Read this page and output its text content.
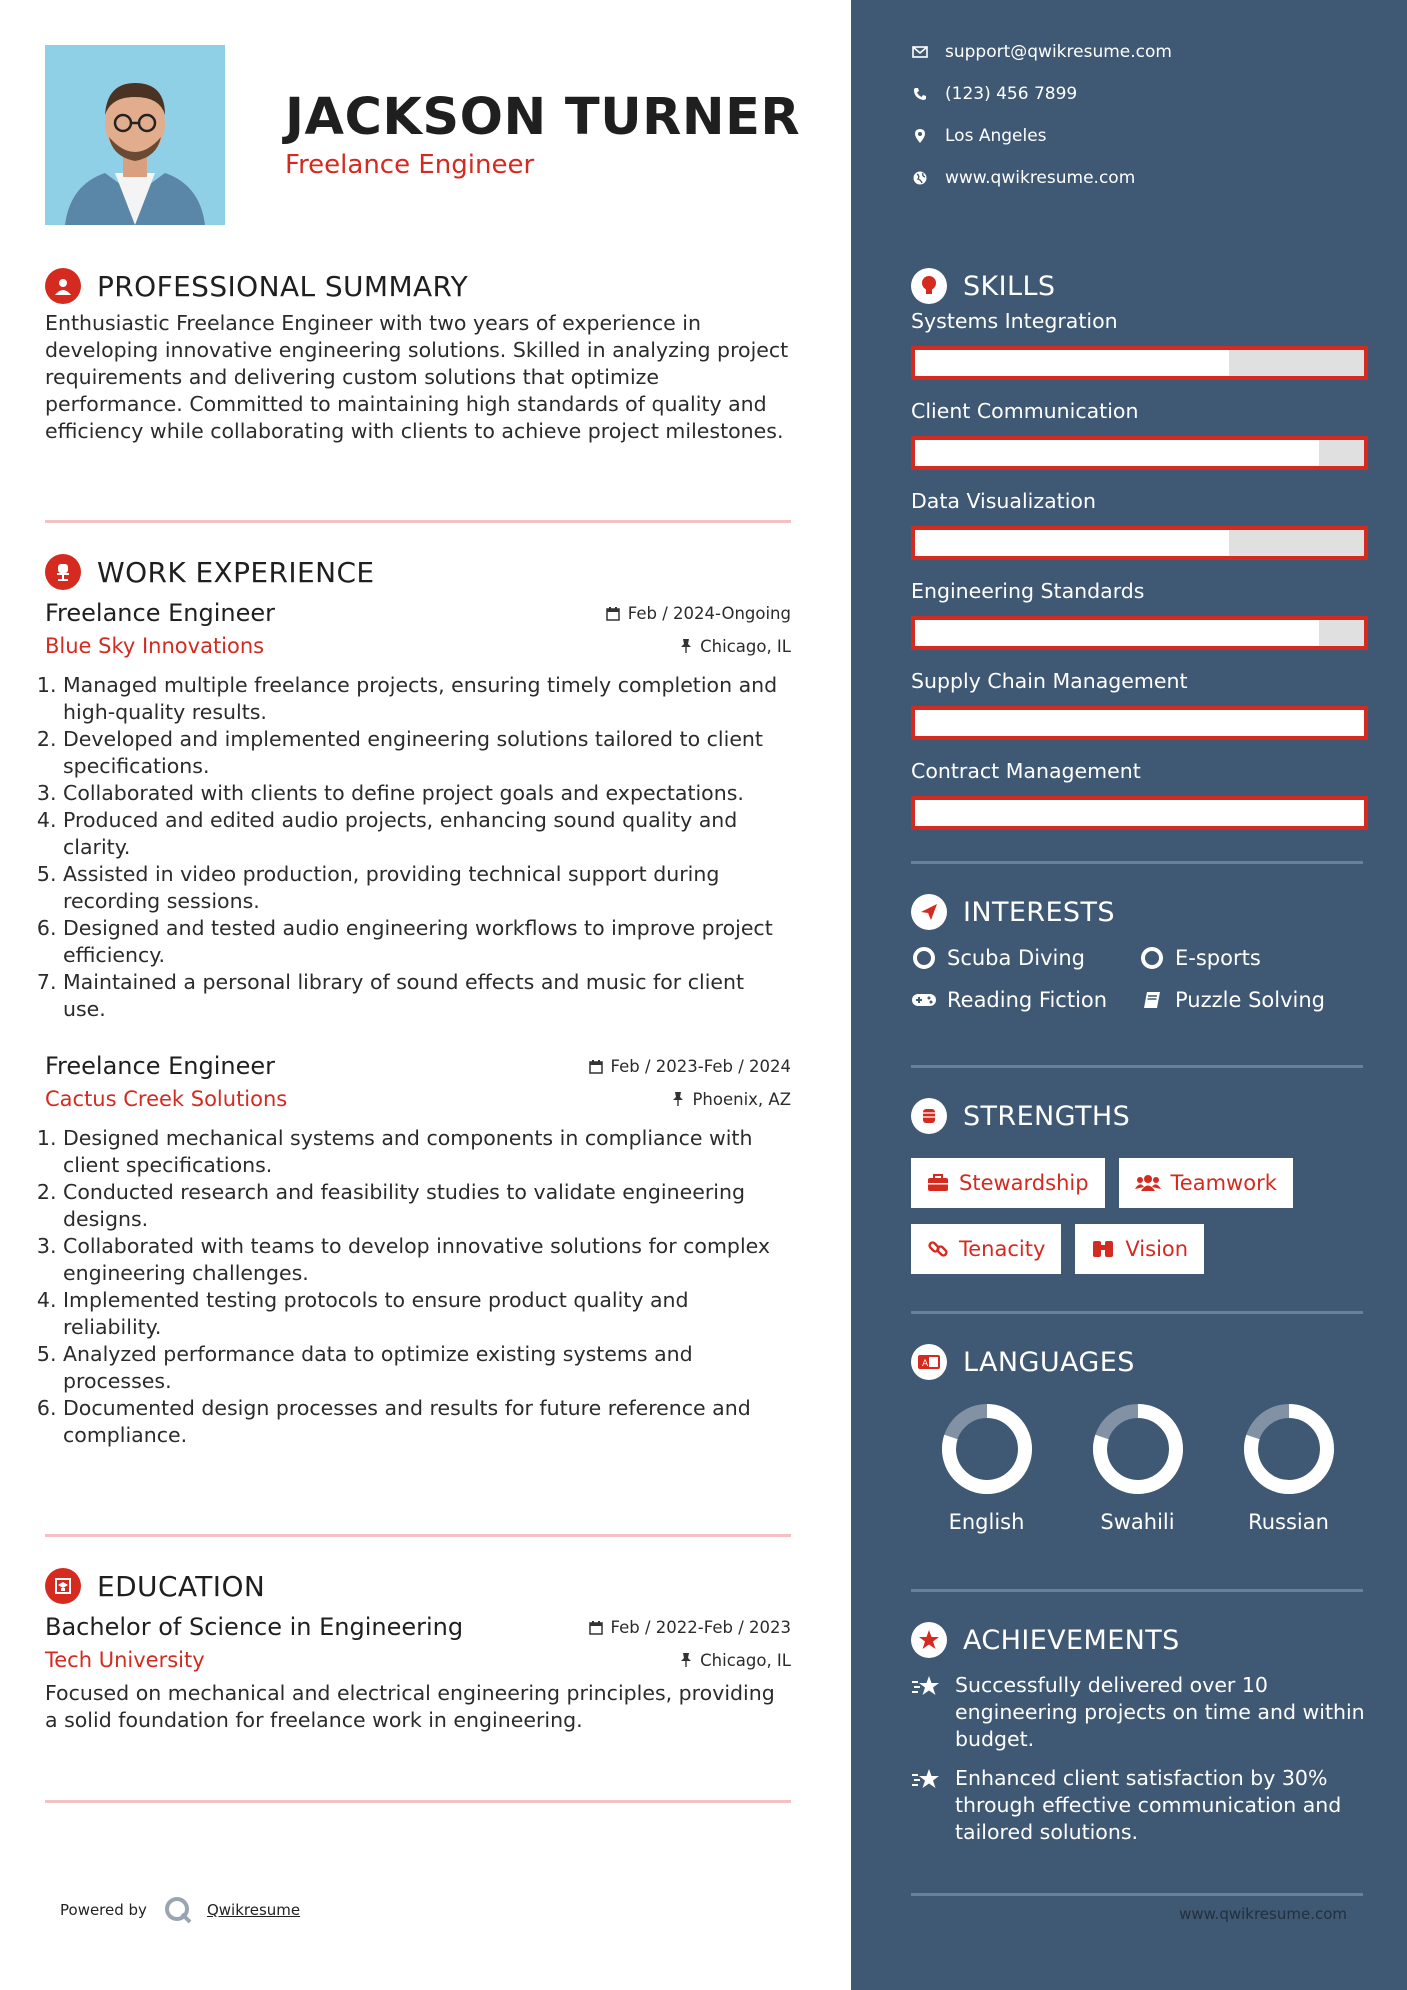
JACKSON TURNER
Freelance Engineer
PROFESSIONAL SUMMARY
Enthusiastic Freelance Engineer with two years of experience in developing innovative engineering solutions. Skilled in analyzing project requirements and delivering custom solutions that optimize performance. Committed to maintaining high standards of quality and efficiency while collaborating with clients to achieve project milestones.
WORK EXPERIENCE
Freelance Engineer	Feb / 2024-Ongoing
Blue Sky Innovations	Chicago, IL
1. Managed multiple freelance projects, ensuring timely completion and high-quality results.
2. Developed and implemented engineering solutions tailored to client specifications.
3. Collaborated with clients to define project goals and expectations.
4. Produced and edited audio projects, enhancing sound quality and clarity.
5. Assisted in video production, providing technical support during recording sessions.
6. Designed and tested audio engineering workflows to improve project efficiency.
7. Maintained a personal library of sound effects and music for client use.
Freelance Engineer	Feb / 2023-Feb / 2024
Cactus Creek Solutions	Phoenix, AZ
1. Designed mechanical systems and components in compliance with client specifications.
2. Conducted research and feasibility studies to validate engineering designs.
3. Collaborated with teams to develop innovative solutions for complex engineering challenges.
4. Implemented testing protocols to ensure product quality and reliability.
5. Analyzed performance data to optimize existing systems and processes.
6. Documented design processes and results for future reference and compliance.
EDUCATION
Bachelor of Science in Engineering	Feb / 2022-Feb / 2023
Tech University	Chicago, IL
Focused on mechanical and electrical engineering principles, providing a solid foundation for freelance work in engineering.
Powered by	Qwikresume
support@qwikresume.com
(123) 456 7899
Los Angeles
www.qwikresume.com
SKILLS
Systems Integration
Client Communication
Data Visualization
Engineering Standards
Supply Chain Management
Contract Management
INTERESTS
Scuba Diving	E-sports
Reading Fiction	Puzzle Solving
STRENGTHS
Stewardship	Teamwork
Tenacity	Vision
A LANGUAGES
English	Swahili	Russian
ACHIEVEMENTS
Successfully delivered over 10 engineering projects on time and within budget.
Enhanced client satisfaction by 30% through effective communication and tailored solutions.
www.qwikresume.com
